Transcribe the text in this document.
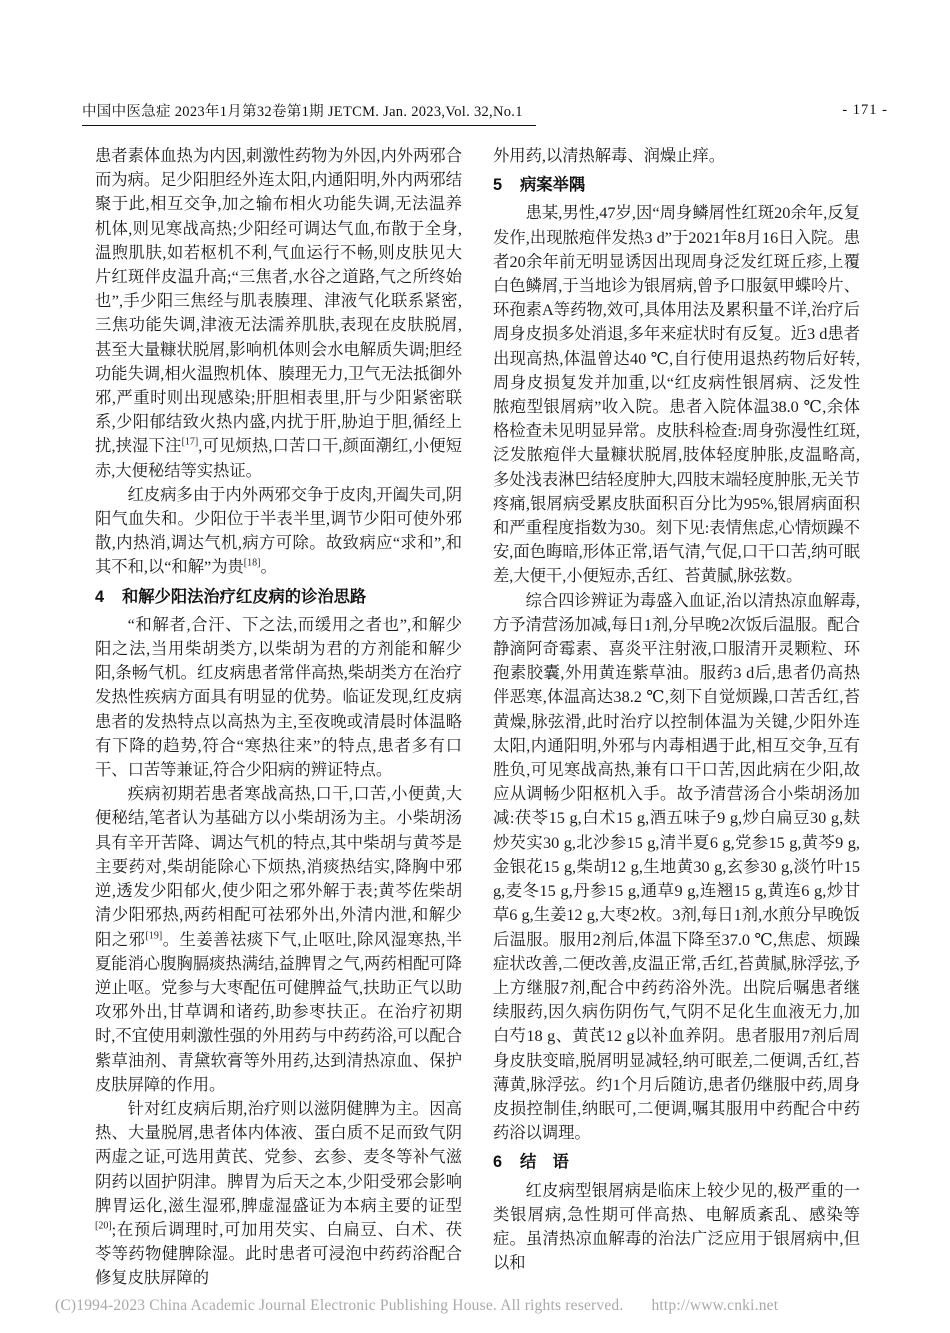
中国中医急症 2023年1月第32卷第1期 JETCM. Jan. 2023,Vol. 32,No.1	- 171 -

患者素体血热为内因,刺激性药物为外因,内外两邪合而为病。足少阳胆经外连太阳,内通阳明,外内两邪结聚于此,相互交争,加之输布相火功能失调,无法温养机体,则见寒战高热;少阳经可调达气血,布散于全身,温煦肌肤,如若枢机不利,气血运行不畅,则皮肤见大片红斑伴皮温升高;“三焦者,水谷之道路,气之所终始也”,手少阳三焦经与肌表腠理、津液气化联系紧密,三焦功能失调,津液无法濡养肌肤,表现在皮肤脱屑,甚至大量糠状脱屑,影响机体则会水电解质失调;胆经功能失调,相火温煦机体、腠理无力,卫气无法抵御外邪,严重时则出现感染;肝胆相表里,肝与少阳紧密联系,少阳郁结致火热内盛,内扰于肝,胁迫于胆,循经上扰,挟湿下注[17],可见烦热,口苦口干,颜面潮红,小便短赤,大便秘结等实热证。

红皮病多由于内外两邪交争于皮肉,开阖失司,阴阳气血失和。少阳位于半表半里,调节少阳可使外邪散,内热消,调达气机,病方可除。故致病应“求和”,和其不和,以“和解”为贵[18]。

4 和解少阳法治疗红皮病的诊治思路

“和解者,合汗、下之法,而缓用之者也”,和解少阳之法,当用柴胡类方,以柴胡为君的方剂能和解少阳,条畅气机。红皮病患者常伴高热,柴胡类方在治疗发热性疾病方面具有明显的优势。临证发现,红皮病患者的发热特点以高热为主,至夜晚或清晨时体温略有下降的趋势,符合“寒热往来”的特点,患者多有口干、口苦等兼证,符合少阳病的辨证特点。

疾病初期若患者寒战高热,口干,口苦,小便黄,大便秘结,笔者认为基础方以小柴胡汤为主。小柴胡汤具有辛开苦降、调达气机的特点,其中柴胡与黄芩是主要药对,柴胡能除心下烦热,消痰热结实,降胸中邪逆,透发少阳郁火,使少阳之邪外解于表;黄芩佐柴胡清少阳邪热,两药相配可祛邪外出,外清内泄,和解少阳之邪[19]。生姜善祛痰下气,止呕吐,除风湿寒热,半夏能消心腹胸膈痰热满结,益脾胃之气,两药相配可降逆止呕。党参与大枣配伍可健脾益气,扶助正气以助攻邪外出,甘草调和诸药,助参枣扶正。在治疗初期时,不宜使用刺激性强的外用药与中药药浴,可以配合紫草油剂、青黛软膏等外用药,达到清热凉血、保护皮肤屏障的作用。

针对红皮病后期,治疗则以滋阴健脾为主。因高热、大量脱屑,患者体内体液、蛋白质不足而致气阴两虚之证,可选用黄芪、党参、玄参、麦冬等补气滋阴药以固护阴津。脾胃为后天之本,少阳受邪会影响脾胃运化,滋生湿邪,脾虚湿盛证为本病主要的证型[20];在预后调理时,可加用芡实、白扁豆、白术、茯苓等药物健脾除湿。此时患者可浸泡中药药浴配合修复皮肤屏障的

外用药,以清热解毒、润燥止痒。

5 病案举隅

患某,男性,47岁,因“周身鳞屑性红斑20余年,反复发作,出现脓疱伴发热3 d”于2021年8月16日入院。患者20余年前无明显诱因出现周身泛发红斑丘疹,上覆白色鳞屑,于当地诊为银屑病,曾予口服氨甲蝶呤片、环孢素A等药物,效可,具体用法及累积量不详,治疗后周身皮损多处消退,多年来症状时有反复。近3 d患者出现高热,体温曾达40 ℃,自行使用退热药物后好转,周身皮损复发并加重,以“红皮病性银屑病、泛发性脓疱型银屑病”收入院。患者入院体温38.0 ℃,余体格检查未见明显异常。皮肤科检查:周身弥漫性红斑,泛发脓疱伴大量糠状脱屑,肢体轻度肿胀,皮温略高,多处浅表淋巴结轻度肿大,四肢末端轻度肿胀,无关节疼痛,银屑病受累皮肤面积百分比为95%,银屑病面积和严重程度指数为30。刻下见:表情焦虑,心情烦躁不安,面色晦暗,形体正常,语气清,气促,口干口苦,纳可眠差,大便干,小便短赤,舌红、苔黄腻,脉弦数。

综合四诊辨证为毒盛入血证,治以清热凉血解毒,方予清营汤加减,每日1剂,分早晚2次饭后温服。配合静滴阿奇霉素、喜炎平注射液,口服清开灵颗粒、环孢素胶囊,外用黄连紫草油。服药3 d后,患者仍高热伴恶寒,体温高达38.2 ℃,刻下自觉烦躁,口苦舌红,苔黄燥,脉弦滑,此时治疗以控制体温为关键,少阳外连太阳,内通阳明,外邪与内毒相遇于此,相互交争,互有胜负,可见寒战高热,兼有口干口苦,因此病在少阳,故应从调畅少阳枢机入手。故予清营汤合小柴胡汤加减:茯苓15 g,白术15 g,酒五味子9 g,炒白扁豆30 g,麸炒芡实30 g,北沙参15 g,清半夏6 g,党参15 g,黄芩9 g,金银花15 g,柴胡12 g,生地黄30 g,玄参30 g,淡竹叶15 g,麦冬15 g,丹参15 g,通草9 g,连翘15 g,黄连6 g,炒甘草6 g,生姜12 g,大枣2枚。3剂,每日1剂,水煎分早晚饭后温服。服用2剂后,体温下降至37.0 ℃,焦虑、烦躁症状改善,二便改善,皮温正常,舌红,苔黄腻,脉浮弦,予上方继服7剂,配合中药药浴外洗。出院后嘱患者继续服药,因久病伤阴伤气,气阴不足化生血液无力,加白芍18 g、黄芪12 g以补血养阴。患者服用7剂后周身皮肤变暗,脱屑明显减轻,纳可眠差,二便调,舌红,苔薄黄,脉浮弦。约1个月后随访,患者仍继服中药,周身皮损控制佳,纳眠可,二便调,嘱其服用中药配合中药药浴以调理。

6 结　语

红皮病型银屑病是临床上较少见的,极严重的一类银屑病,急性期可伴高热、电解质紊乱、感染等症。虽清热凉血解毒的治法广泛应用于银屑病中,但以和

(C)1994-2023 China Academic Journal Electronic Publishing House. All rights reserved. http://www.cnki.net
